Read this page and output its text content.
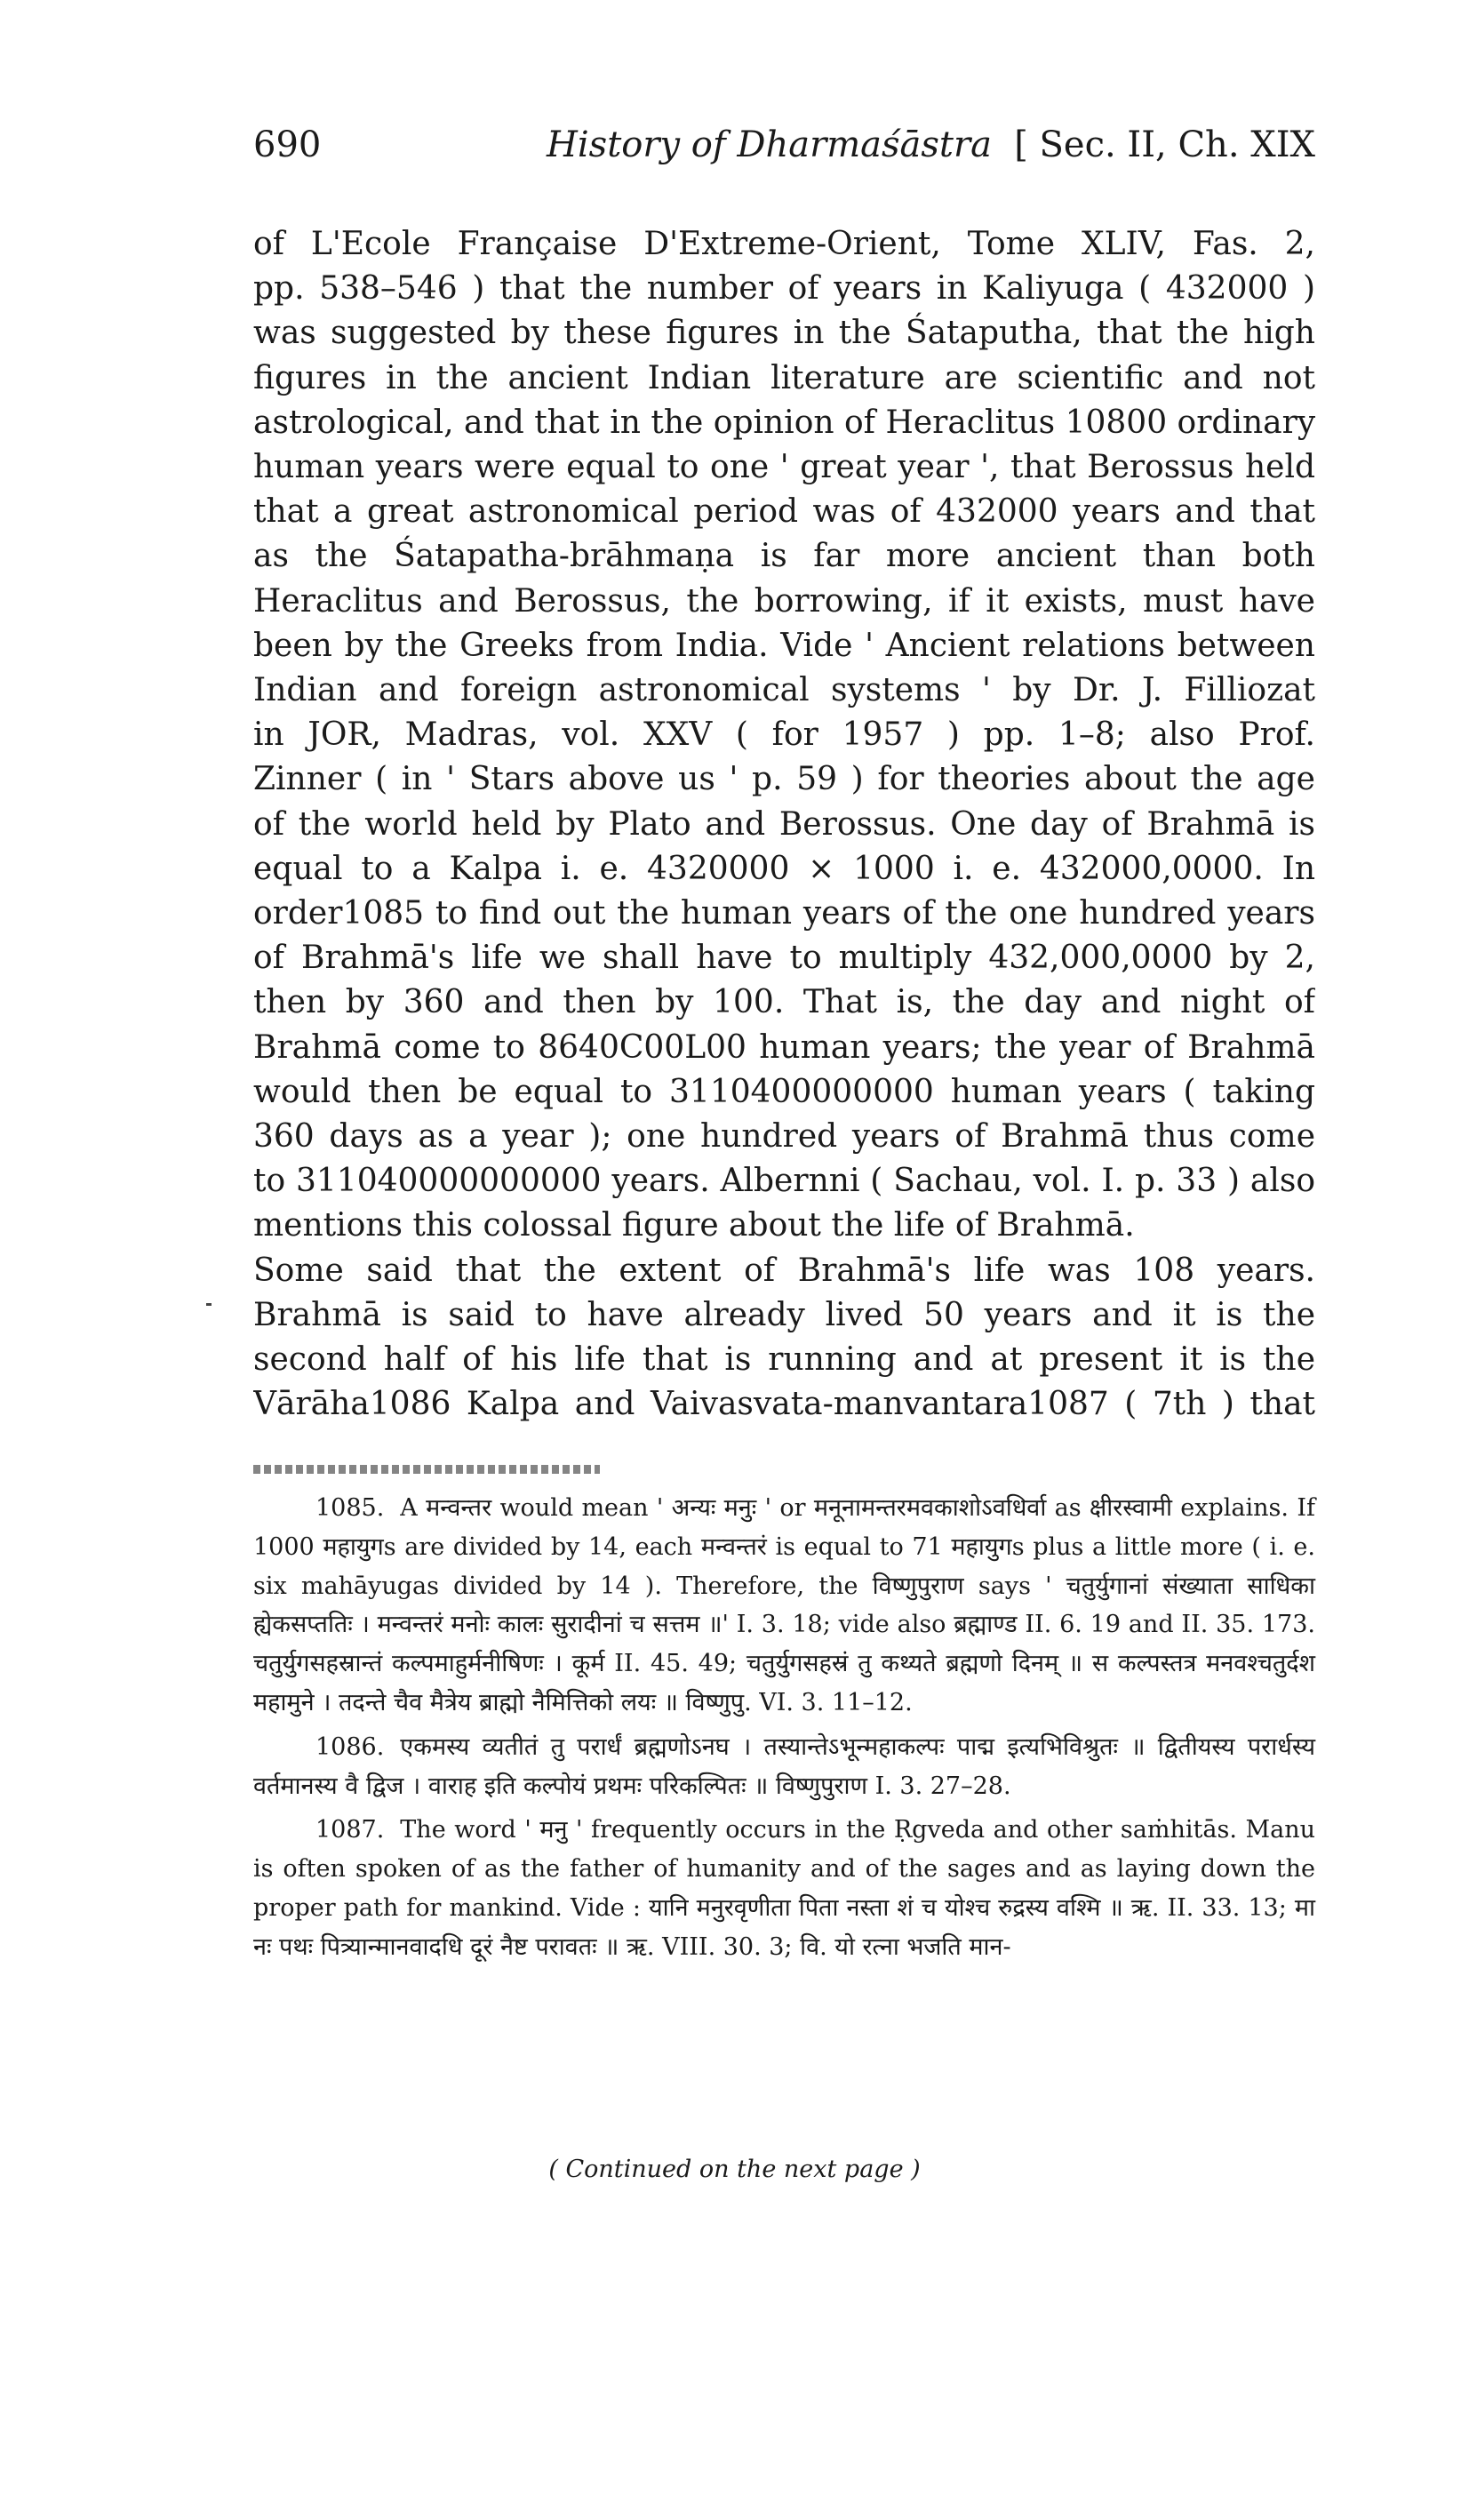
690	History of Dharmaśāstra [ Sec. II, Ch. XIX
of L'Ecole Française D'Extreme-Orient, Tome XLIV, Fas. 2,
pp. 538–546 ) that the number of years in Kaliyuga ( 432000 )
was suggested by these figures in the Śataputha, that the high
figures in the ancient Indian literature are scientific and not
astrological, and that in the opinion of Heraclitus 10800 ordinary
human years were equal to one ' great year ', that Berossus held
that a great astronomical period was of 432000 years and that
as the Śatapatha-brāhmaṇa is far more ancient than both
Heraclitus and Berossus, the borrowing, if it exists, must have
been by the Greeks from India. Vide ' Ancient relations between
Indian and foreign astronomical systems ' by Dr. J. Filliozat
in JOR, Madras, vol. XXV ( for 1957 ) pp. 1–8; also Prof.
Zinner ( in ' Stars above us ' p. 59 ) for theories about the age
of the world held by Plato and Berossus. One day of Brahmā is
equal to a Kalpa i. e. 4320000 × 1000 i. e. 432000,0000. In
order1085 to find out the human years of the one hundred years
of Brahmā's life we shall have to multiply 432,000,0000 by 2,
then by 360 and then by 100. That is, the day and night of
Brahmā come to 8640C00L00 human years; the year of Brahmā
would then be equal to 3110400000000 human years ( taking
360 days as a year ); one hundred years of Brahmā thus come
to 311040000000000 years. Albernni ( Sachau, vol. I. p. 33 ) also
mentions this colossal figure about the life of Brahmā.
Some said that the extent of Brahmā's life was 108 years.
Brahmā is said to have already lived 50 years and it is the
second half of his life that is running and at present it is the
Vārāha1086 Kalpa and Vaivasvata-manvantara1087 ( 7th ) that

1085. A मन्वन्तर would mean ' अन्यः मनुः ' or मनूनामन्तरमवकाशोऽवधिर्वा as क्षीरस्वामी explains. If 1000 महायुगs are divided by 14, each मन्वन्तरं is equal to 71 महायुगs plus a little more ( i. e. six mahāyugas divided by 14 ). Therefore, the विष्णुपुराण says ' चतुर्युगानां संख्याता साधिका ह्येकसप्ततिः । मन्वन्तरं मनोः कालः सुरादीनां च सत्तम ॥' I. 3. 18; vide also ब्रह्माण्ड II. 6. 19 and II. 35. 173. चतुर्युगसहस्रान्तं कल्पमाहुर्मनीषिणः । कूर्म II. 45. 49; चतुर्युगसहस्रं तु कथ्यते ब्रह्मणो दिनम् ॥ स कल्पस्तत्र मनवश्चतुर्दश महामुने । तदन्ते चैव मैत्रेय ब्राह्मो नैमित्तिको लयः ॥ विष्णुपु. VI. 3. 11–12.

1086. एकमस्य व्यतीतं तु परार्धं ब्रह्मणोऽनघ । तस्यान्तेऽभून्महाकल्पः पाद्म इत्यभिविश्रुतः ॥ द्वितीयस्य परार्धस्य वर्तमानस्य वै द्विज । वाराह इति कल्पोयं प्रथमः परिकल्पितः ॥ विष्णुपुराण I. 3. 27–28.

1087. The word ' मनु ' frequently occurs in the Ṛgveda and other saṁhitās. Manu is often spoken of as the father of humanity and of the sages and as laying down the proper path for mankind. Vide : यानि मनुरवृणीता पिता नस्ता शं च योश्च रुद्रस्य वश्मि ॥ ऋ. II. 33. 13; मा नः पथः पित्र्यान्मानवादधि दूरं नैष्ट परावतः ॥ ऋ. VIII. 30. 3; वि. यो रत्ना भजति मान-

( Continued on the next page )
